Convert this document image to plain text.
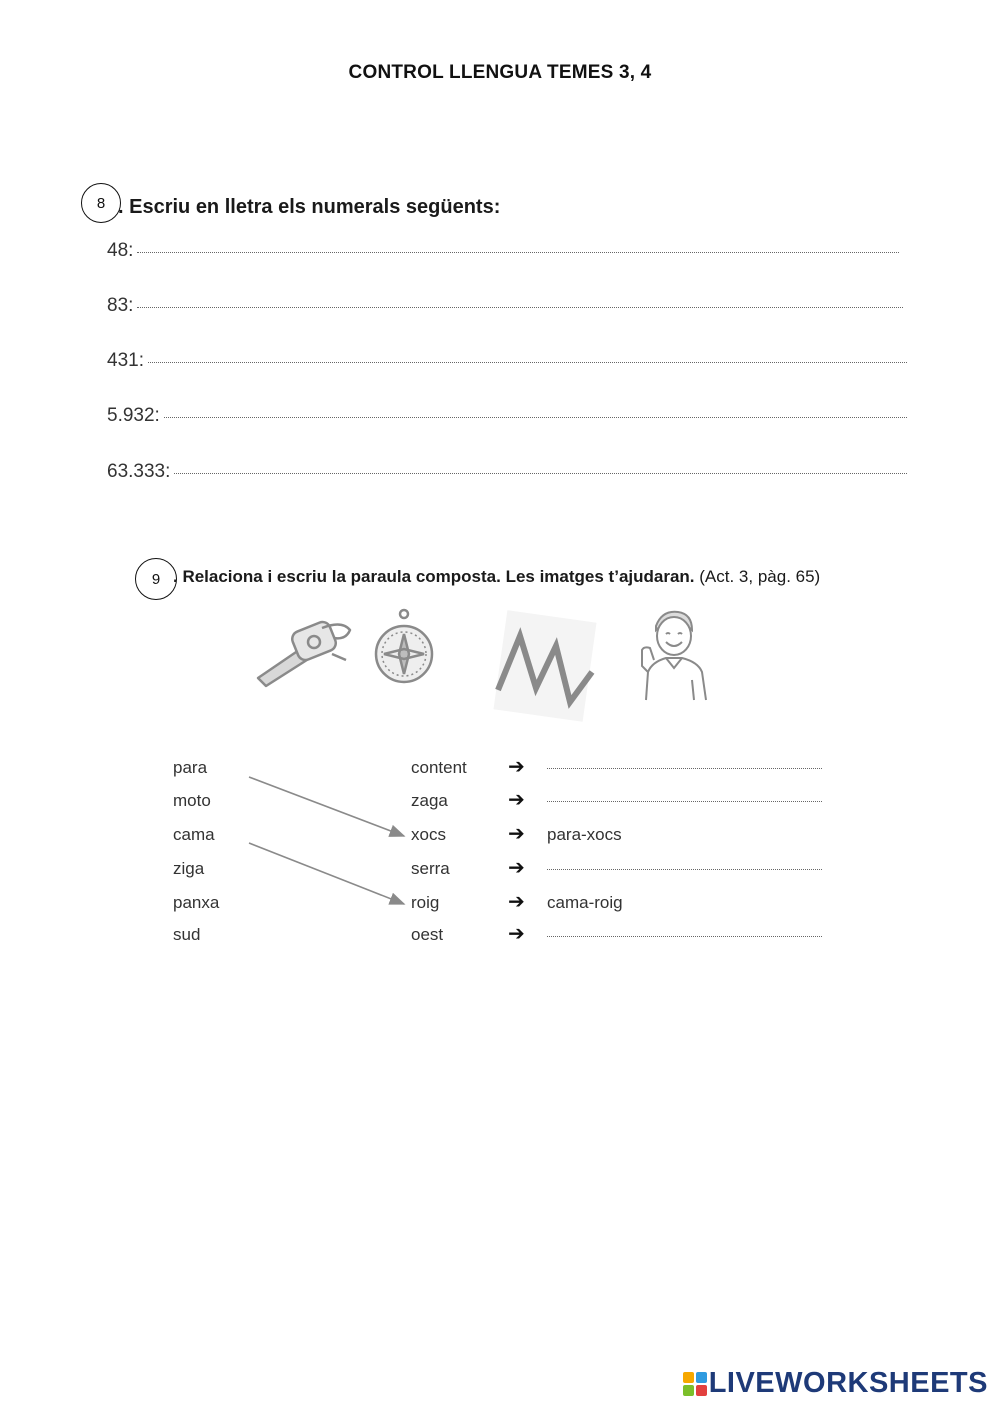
CONTROL LLENGUA TEMES 3, 4
8 . Escriu en lletra els numerals següents:
48:
83:
431:
5.932:
63.333:
9 . Relaciona i escriu la paraula composta. Les imatges t’ajudaran. (Act. 3, pàg. 65)
para
moto
cama
ziga
panxa
sud
content
zaga
xocs
serra
roig
oest
➔
➔
➔
➔
➔
➔
para-xocs
cama-roig
LIVEWORKSHEETS
